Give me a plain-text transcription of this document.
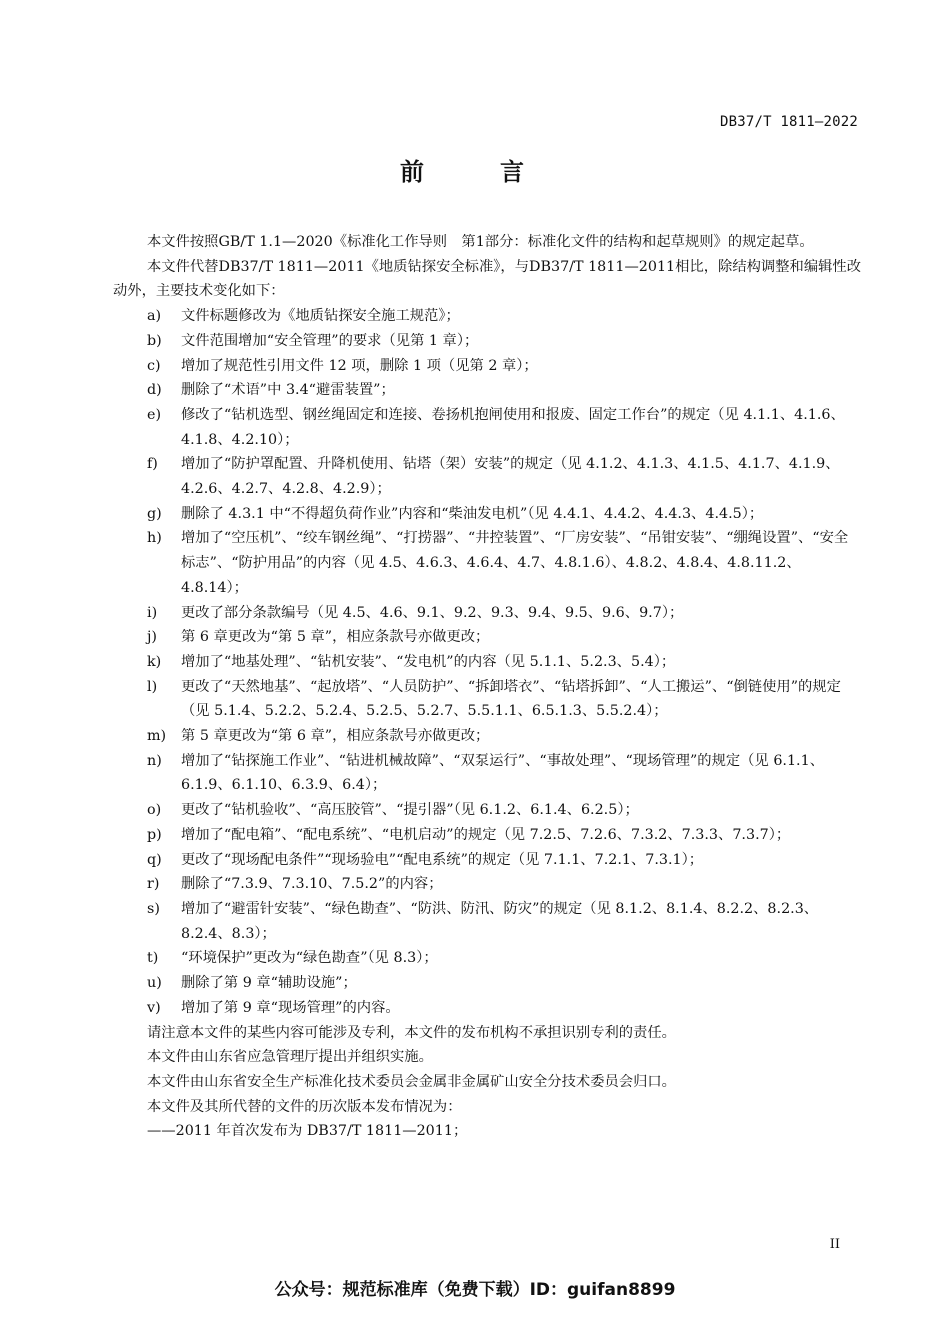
DB37/T 1811—2022
前　言

本文件按照GB/T 1.1—2020《标准化工作导则　第1部分：标准化文件的结构和起草规则》的规定起草。

本文件代替DB37/T 1811—2011《地质钻探安全标准》，与DB37/T 1811—2011相比，除结构调整和编辑性改动外，主要技术变化如下：

a)	文件标题修改为《地质钻探安全施工规范》；
b)	文件范围增加“安全管理”的要求（见第 1 章）；
c)	增加了规范性引用文件 12 项，删除 1 项（见第 2 章）；
d)	删除了“术语”中 3.4“避雷装置”；
e)	修改了“钻机选型、钢丝绳固定和连接、卷扬机抱闸使用和报废、固定工作台”的规定（见 4.1.1、4.1.6、4.1.8、4.2.10）；
f)	增加了“防护罩配置、升降机使用、钻塔（架）安装”的规定（见 4.1.2、4.1.3、4.1.5、4.1.7、4.1.9、4.2.6、4.2.7、4.2.8、4.2.9）；
g)	删除了 4.3.1 中“不得超负荷作业”内容和“柴油发电机”（见 4.4.1、4.4.2、4.4.3、4.4.5）；
h)	增加了“空压机”、“绞车钢丝绳”、“打捞器”、“井控装置”、“厂房安装”、“吊钳安装”、“绷绳设置”、“安全标志”、“防护用品”的内容（见 4.5、4.6.3、4.6.4、4.7、4.8.1.6）、4.8.2、4.8.4、4.8.11.2、4.8.14）；
i)	更改了部分条款编号（见 4.5、4.6、9.1、9.2、9.3、9.4、9.5、9.6、9.7）；
j)	第 6 章更改为“第 5 章”，相应条款号亦做更改；
k)	增加了“地基处理”、“钻机安装”、“发电机”的内容（见 5.1.1、5.2.3、5.4）；
l)	更改了“天然地基”、“起放塔”、“人员防护”、“拆卸塔衣”、“钻塔拆卸”、“人工搬运”、“倒链使用”的规定（见 5.1.4、5.2.2、5.2.4、5.2.5、5.2.7、5.5.1.1、6.5.1.3、5.5.2.4）；
m)	第 5 章更改为“第 6 章”，相应条款号亦做更改；
n)	增加了“钻探施工作业”、“钻进机械故障”、“双泵运行”、“事故处理”、“现场管理”的规定（见 6.1.1、6.1.9、6.1.10、6.3.9、6.4）；
o)	更改了“钻机验收”、“高压胶管”、“提引器”（见 6.1.2、6.1.4、6.2.5）；
p)	增加了“配电箱”、“配电系统”、“电机启动”的规定（见 7.2.5、7.2.6、7.3.2、7.3.3、7.3.7）；
q)	更改了“现场配电条件”“现场验电”“配电系统”的规定（见 7.1.1、7.2.1、7.3.1）；
r)	删除了“7.3.9、7.3.10、7.5.2”的内容；
s)	增加了“避雷针安装”、“绿色勘查”、“防洪、防汛、防灾”的规定（见 8.1.2、8.1.4、8.2.2、8.2.3、8.2.4、8.3）；
t)	“环境保护”更改为“绿色勘查”（见 8.3）；
u)	删除了第 9 章“辅助设施”；
v)	增加了第 9 章“现场管理”的内容。

请注意本文件的某些内容可能涉及专利，本文件的发布机构不承担识别专利的责任。

本文件由山东省应急管理厅提出并组织实施。

本文件由山东省安全生产标准化技术委员会金属非金属矿山安全分技术委员会归口。

本文件及其所代替的文件的历次版本发布情况为：

——2011 年首次发布为 DB37/T 1811—2011；

II
公众号：规范标准库（免费下载）ID：guifan8899
